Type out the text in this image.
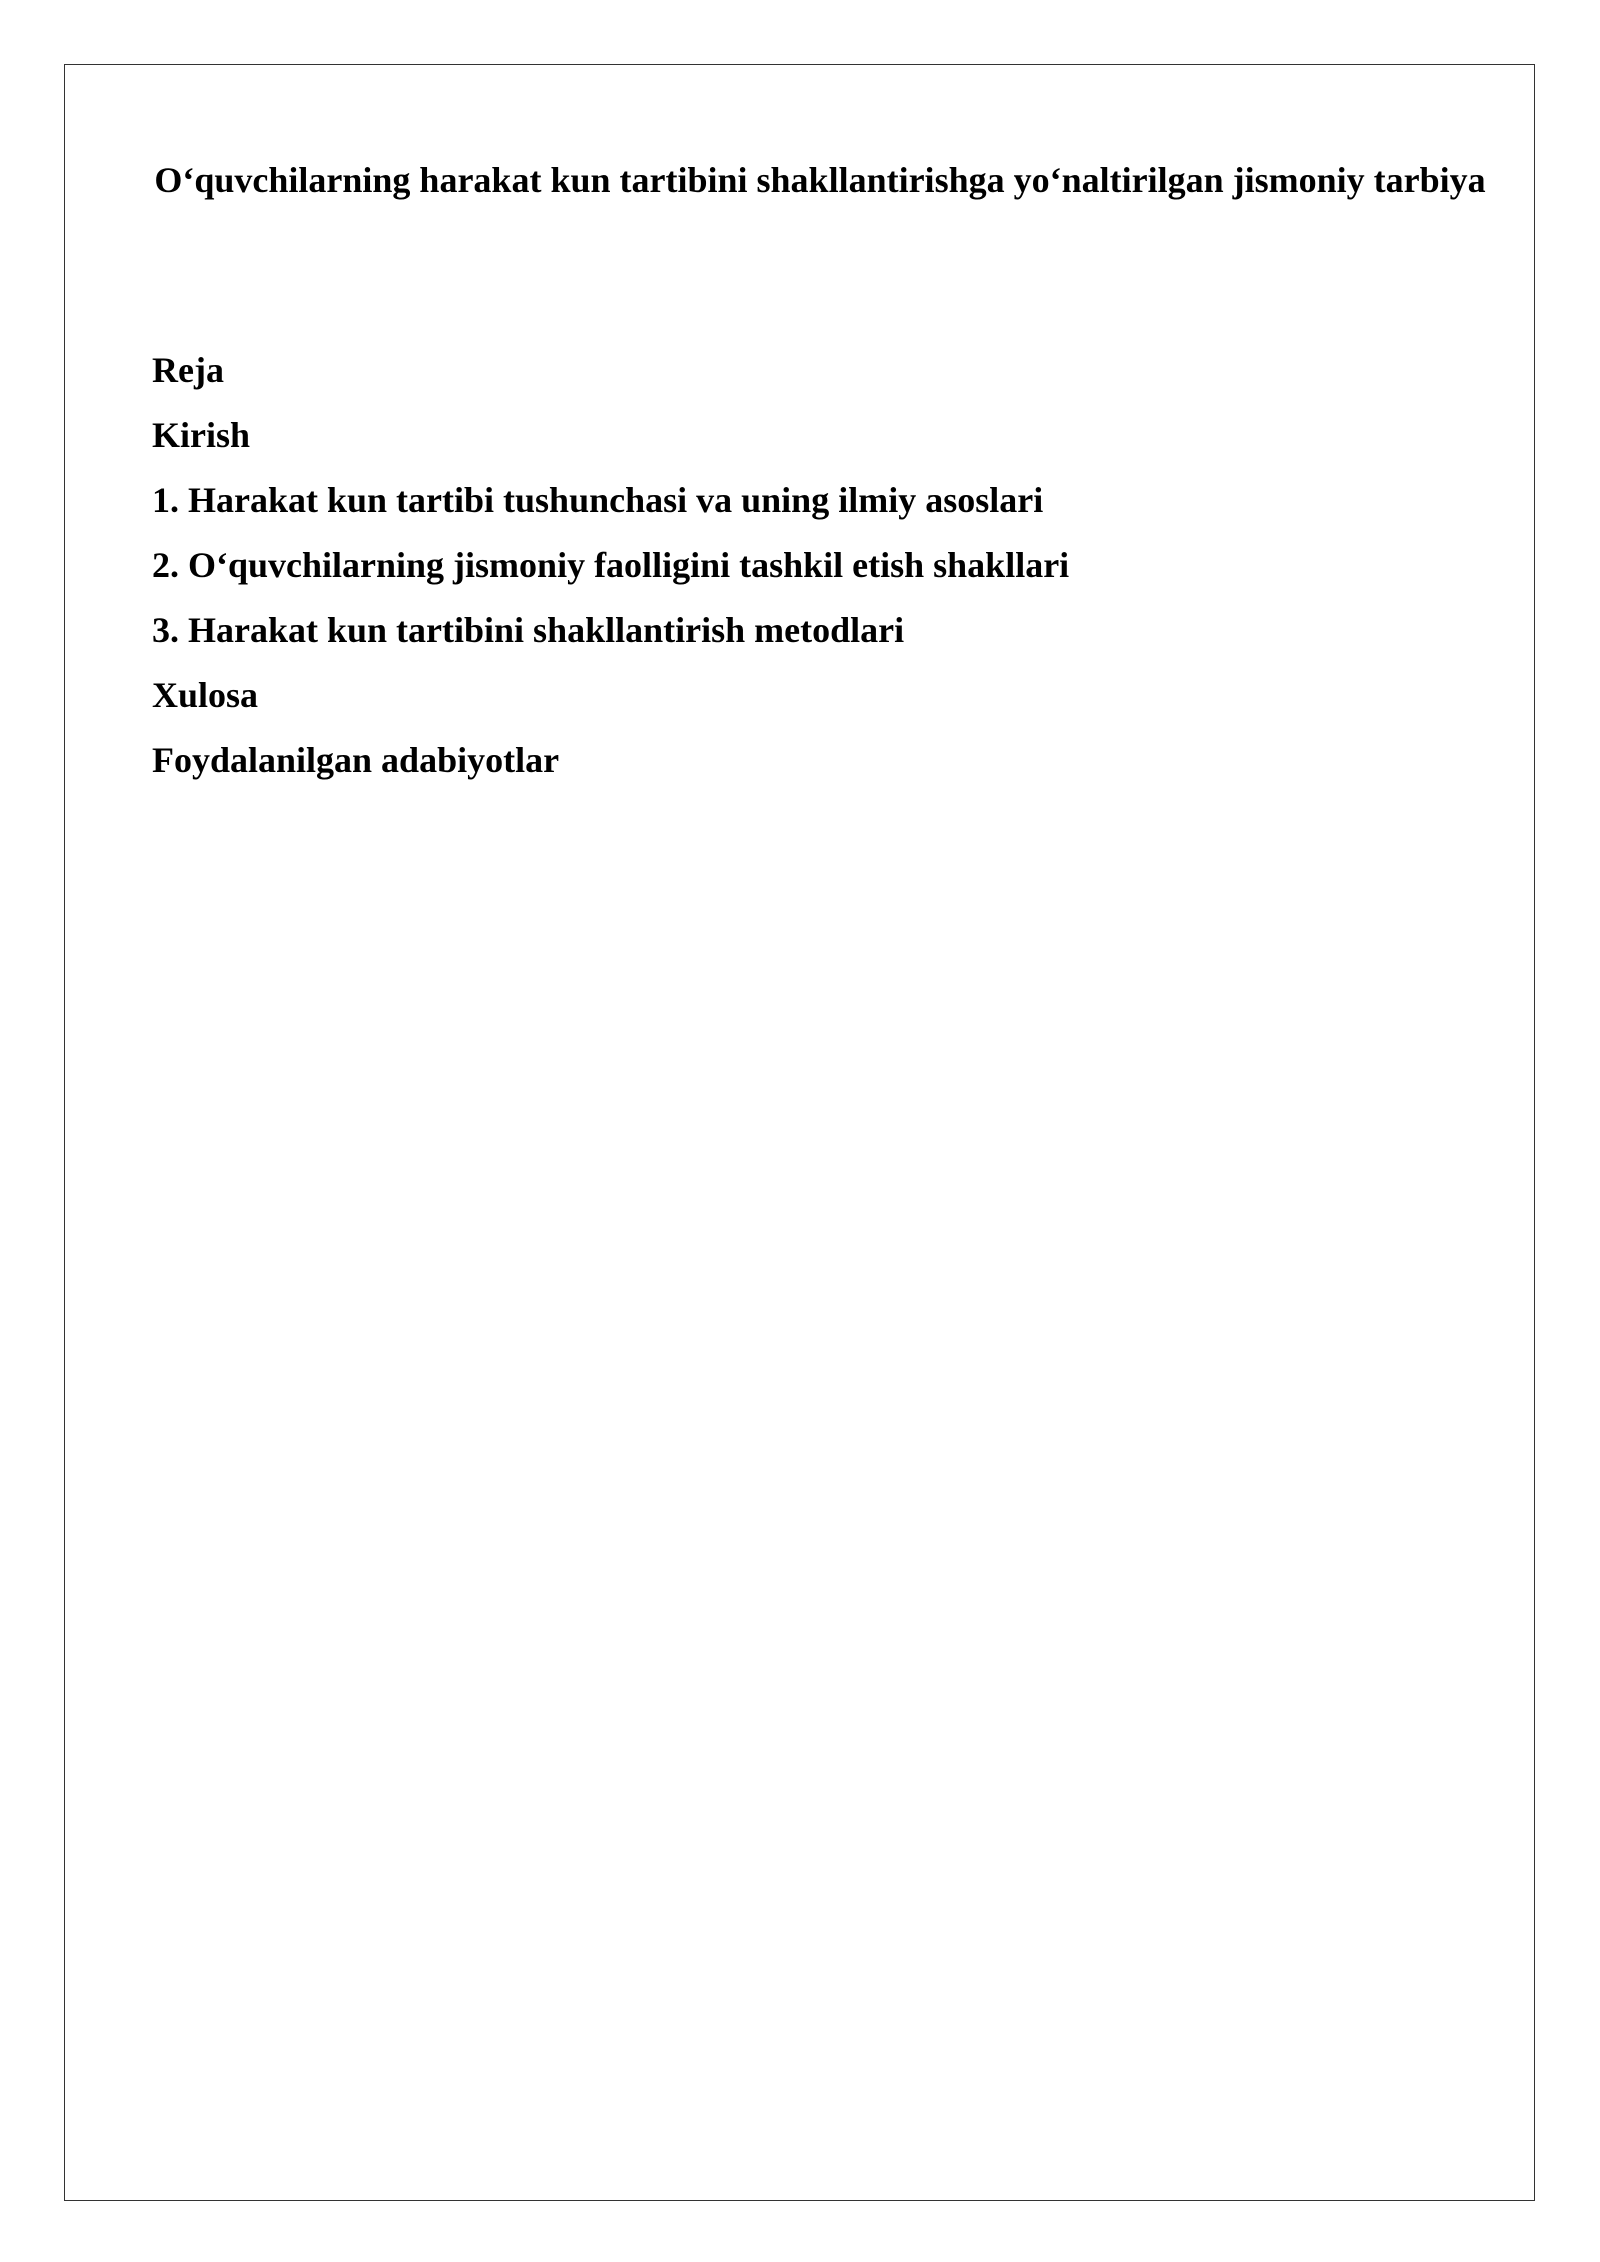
O‘quvchilarning harakat kun tartibini shakllantirishga yo‘naltirilgan jismoniy tarbiya
Reja
Kirish
1. Harakat kun tartibi tushunchasi va uning ilmiy asoslari
2. O‘quvchilarning jismoniy faolligini tashkil etish shakllari
3. Harakat kun tartibini shakllantirish metodlari
Xulosa
Foydalanilgan adabiyotlar
